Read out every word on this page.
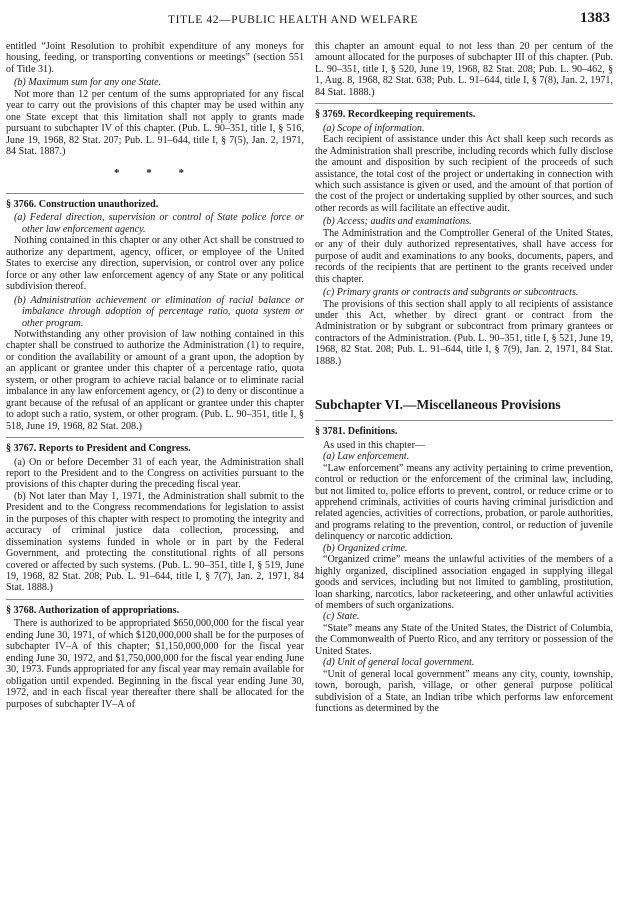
TITLE 42—PUBLIC HEALTH AND WELFARE	1383

entitled “Joint Resolution to prohibit expenditure of any moneys for housing, feeding, or transporting conventions or meetings” (section 551 of Title 31).

(b) Maximum sum for any one State.

Not more than 12 per centum of the sums appropriated for any fiscal year to carry out the provisions of this chapter may be used within any one State except that this limitation shall not apply to grants made pursuant to subchapter IV of this chapter. (Pub. L. 90–351, title I, § 516, June 19, 1968, 82 Stat. 207; Pub. L. 91–644, title I, § 7(5), Jan. 2, 1971, 84 Stat. 1887.)

* * *

§ 3766. Construction unauthorized.

(a) Federal direction, supervision or control of State police force or other law enforcement agency.

Nothing contained in this chapter or any other Act shall be construed to authorize any department, agency, officer, or employee of the United States to exercise any direction, supervision, or control over any police force or any other law enforcement agency of any State or any political subdivision thereof.

(b) Administration achievement or elimination of racial balance or imbalance through adoption of percentage ratio, quota system or other program.

Notwithstanding any other provision of law nothing contained in this chapter shall be construed to authorize the Administration (1) to require, or condition the availability or amount of a grant upon, the adoption by an applicant or grantee under this chapter of a percentage ratio, quota system, or other program to achieve racial balance or to eliminate racial imbalance in any law enforcement agency, or (2) to deny or discontinue a grant because of the refusal of an applicant or grantee under this chapter to adopt such a ratio, system, or other program. (Pub. L. 90–351, title I, § 518, June 19, 1968, 82 Stat. 208.)

§ 3767. Reports to President and Congress.

(a) On or before December 31 of each year, the Administration shall report to the President and to the Congress on activities pursuant to the provisions of this chapter during the preceding fiscal year.

(b) Not later than May 1, 1971, the Administration shall submit to the President and to the Congress recommendations for legislation to assist in the purposes of this chapter with respect to promoting the integrity and accuracy of criminal justice data collection, processing, and dissemination systems funded in whole or in part by the Federal Government, and protecting the constitutional rights of all persons covered or affected by such systems. (Pub. L. 90–351, title I, § 519, June 19, 1968, 82 Stat. 208; Pub. L. 91–644, title I, § 7(7), Jan. 2, 1971, 84 Stat. 1888.)

§ 3768. Authorization of appropriations.

There is authorized to be appropriated $650,000,000 for the fiscal year ending June 30, 1971, of which $120,000,000 shall be for the purposes of subchapter IV–A of this chapter; $1,150,000,000 for the fiscal year ending June 30, 1972, and $1,750,000,000 for the fiscal year ending June 30, 1973. Funds appropriated for any fiscal year may remain available for obligation until expended. Beginning in the fiscal year ending June 30, 1972, and in each fiscal year thereafter there shall be allocated for the purposes of subchapter IV–A of

this chapter an amount equal to not less than 20 per centum of the amount allocated for the purposes of subchapter III of this chapter. (Pub. L. 90–351, title I, § 520, June 19, 1968, 82 Stat. 208; Pub. L. 90–462, § 1, Aug. 8, 1968, 82 Stat. 638; Pub. L. 91–644, title I, § 7(8), Jan. 2, 1971, 84 Stat. 1888.)

§ 3769. Recordkeeping requirements.

(a) Scope of information.

Each recipient of assistance under this Act shall keep such records as the Administration shall prescribe, including records which fully disclose the amount and disposition by such recipient of the proceeds of such assistance, the total cost of the project or undertaking in connection with which such assistance is given or used, and the amount of that portion of the cost of the project or undertaking supplied by other sources, and such other records as will facilitate an effective audit.

(b) Access; audits and examinations.

The Administration and the Comptroller General of the United States, or any of their duly authorized representatives, shall have access for purpose of audit and examinations to any books, documents, papers, and records of the recipients that are pertinent to the grants received under this chapter.

(c) Primary grants or contracts and subgrants or subcontracts.

The provisions of this section shall apply to all recipients of assistance under this Act, whether by direct grant or contract from the Administration or by subgrant or subcontract from primary grantees or contractors of the Administration. (Pub. L. 90–351, title I, § 521, June 19, 1968, 82 Stat. 208; Pub. L. 91–644, title I, § 7(9), Jan. 2, 1971, 84 Stat. 1888.)

Subchapter VI.—Miscellaneous Provisions

§ 3781. Definitions.

As used in this chapter—

(a) Law enforcement.

“Law enforcement” means any activity pertaining to crime prevention, control or reduction or the enforcement of the criminal law, including, but not limited to, police efforts to prevent, control, or reduce crime or to apprehend criminals, activities of courts having criminal jurisdiction and related agencies, activities of corrections, probation, or parole authorities, and programs relating to the prevention, control, or reduction of juvenile delinquency or narcotic addiction.

(b) Organized crime.

“Organized crime” means the unlawful activities of the members of a highly organized, disciplined association engaged in supplying illegal goods and services, including but not limited to gambling, prostitution, loan sharking, narcotics, labor racketeering, and other unlawful activities of members of such organizations.

(c) State.

“State” means any State of the United States, the District of Columbia, the Commonwealth of Puerto Rico, and any territory or possession of the United States.

(d) Unit of general local government.

“Unit of general local government” means any city, county, township, town, borough, parish, village, or other general purpose political subdivision of a State, an Indian tribe which performs law enforcement functions as determined by the
